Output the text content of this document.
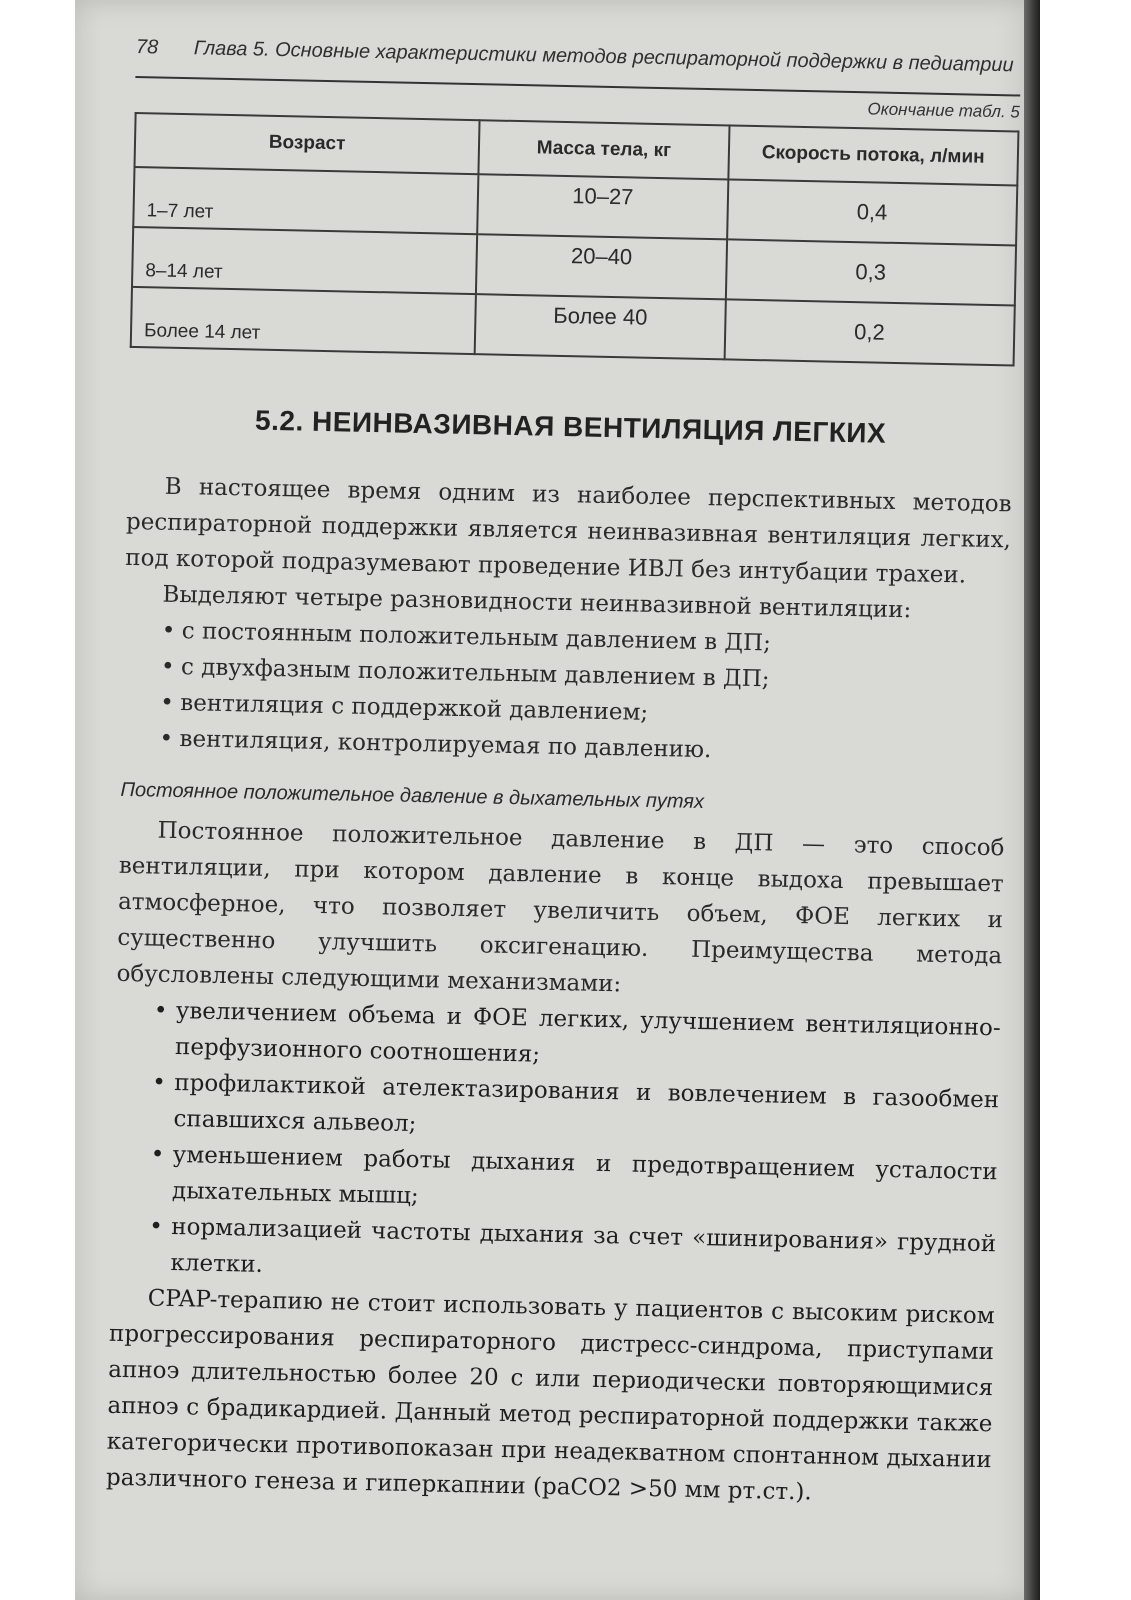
78 Глава 5. Основные характеристики методов респираторной поддержки в педиатрии
Окончание табл. 5
Возраст	Масса тела, кг	Скорость потока, л/мин
1–7 лет	10–27	0,4
8–14 лет	20–40	0,3
Более 14 лет	Более 40	0,2
5.2. НЕИНВАЗИВНАЯ ВЕНТИЛЯЦИЯ ЛЕГКИХ

В настоящее время одним из наиболее перспективных методов респираторной поддержки является неинвазивная вентиляция легких, под которой подразумевают проведение ИВЛ без интубации трахеи.

Выделяют четыре разновидности неинвазивной вентиляции:

• с постоянным положительным давлением в ДП;
• с двухфазным положительным давлением в ДП;
• вентиляция с поддержкой давлением;
• вентиляция, контролируемая по давлению.
Постоянное положительное давление в дыхательных путях

Постоянное положительное давление в ДП — это способ вентиляции, при котором давление в конце выдоха превышает атмосферное, что позволяет увеличить объем, ФОЕ легких и существенно улучшить оксигенацию. Преимущества метода обусловлены следующими механизмами:

• увеличением объема и ФОЕ легких, улучшением вентиляционно-перфузионного соотношения;
• профилактикой ателектазирования и вовлечением в газообмен спавшихся альвеол;
• уменьшением работы дыхания и предотвращением усталости дыхательных мышц;
• нормализацией частоты дыхания за счет «шинирования» грудной клетки.

CPAP-терапию не стоит использовать у пациентов с высоким риском прогрессирования респираторного дистресс-синдрома, приступами апноэ длительностью более 20 с или периодически повторяющимися апноэ с брадикардией. Данный метод респираторной поддержки также категорически противопоказан при неадекватном спонтанном дыхании различного генеза и гиперкапнии (paCO2 >50 мм рт.ст.).
